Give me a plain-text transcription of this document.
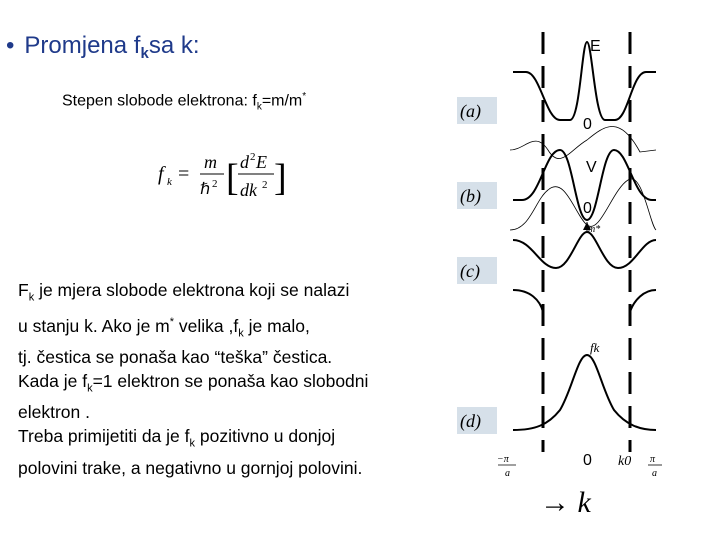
• Promjena $f_ksa$ k:
Stepen slobode elektrona: $f_k=m/m^*$
f k =
m
ℏ 2 [ d 2 E
dk 2 ]
$F_k$ je mjera slobode elektrona koji se nalazi
u stanju k. Ako je m* velika $,f_k$ je malo,
tj. čestica se ponaša kao “teška” čestica.
Kada je $f_k=1$ elektron se ponaša kao slobodni
elektron .
Treba primijetiti da je $f_k$ pozitivno u donjoj
polovini trake, a negativno u gornjoj polovini.
(a)
(b)
(c)
(d)
E
0
V
0
m*
fk
0 k0
−π
a
π
a
→ k
